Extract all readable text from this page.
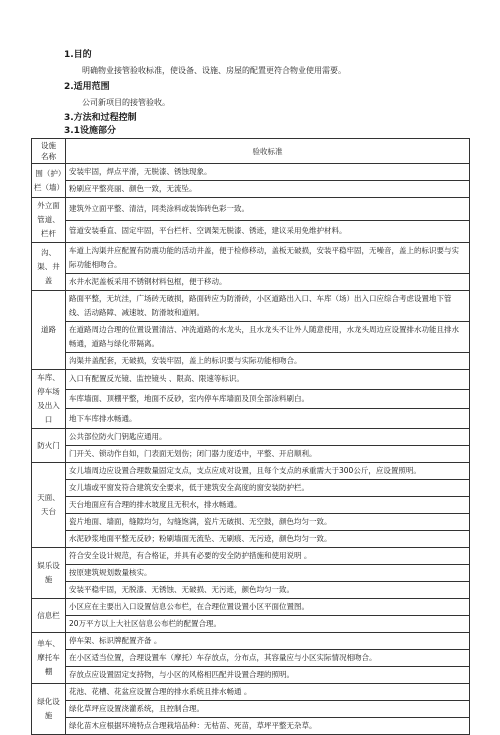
1.目的
明确物业接管验收标准，使设备、设施、房屋的配置更符合物业使用需要。
2.适用范围
公司新项目的接管验收。
3.方法和过程控制
3.1设施部分
设施
名称	验收标准
围（护）栏（墙）	安装牢固，焊点平滑，无脱漆、锈蚀现象。
	粉刷应平整亮丽、颜色一致，无流坠。
外立面管道、栏杆	建筑外立面平整、清洁，同类涂料或装饰砖色彩一致。
	管道安装垂直、固定牢固，平台栏杆、空调架无脱漆、锈迹，建议采用免维护材料。
沟、渠、井盖	车道上沟渠井应配置有防震功能的活动井盖，便于检修移动，盖板无破损，安装平稳牢固，无噪音，盖上的标识要与实际功能相吻合。
	水井水泥盖板采用不锈钢材料包框，便于移动。
道路	路面平整，无坑洼，广场砖无破损，路面砖应为防滑砖，小区道路出入口、车库（场）出入口应综合考虑设置地下管线、活动路障、减速坡、防滑坡和道闸。
	在道路周边合理的位置设置清洁、冲洗道路的水龙头，且水龙头不让外人随意使用，水龙头周边应设置排水功能且排水畅通，道路与绿化带隔离。
	沟渠井盖配套，无破损，安装牢固，盖上的标识要与实际功能相吻合。
车库、停车场及出入口	入口有配置反光镜、监控镜头 、限高、限速等标识。
	车库墙面、顶棚平整，地面不反砂，室内停车库墙面及顶全部涂料刷白。
	地下车库排水畅通。
防火门	公共部位防火门钥匙应通用。
	门开关、锁动作自如，门表面无划伤；闭门器力度适中，平整、开启顺利。
天面、天台	女儿墙周边应设置合理数量固定支点，支点应成对设置，且每个支点的承重需大于300公斤，应设置照明。
	女儿墙或平窗发符合建筑安全要求，低于建筑安全高度的窗安装防护栏。
	天台地面应有合理的排水坡度且无积水，排水畅通。
	瓷片地面、墙面，缝隙均匀，勾缝饱满，瓷片无破损、无空鼓，颜色均匀一致。
	水泥砂浆地面平整无反砂；粉刷墙面无流坠、无刷痕、无污迹，颜色均匀一致。
娱乐设施	符合安全设计规范，有合格证，并具有必要的安全防护措施和使用说明 。
	按原建筑规划数量核实。
	安装平稳牢固，无脱漆、无锈蚀、无破损、无污迹，颜色均匀一致。
信息栏	小区应在主要出入口设置信息公布栏，在合理位置设置小区平面位置图。
	20万平方以上大社区信息公布栏的配置合理。
单车、摩托车棚	停车架、标识牌配置齐备 。
	在小区适当位置，合理设置车（摩托）车存放点，分布点，其容量应与小区实际情况相吻合。
	存放点应设置固定支持物，与小区的风格相匹配并设置合理的照明。
绿化设施	花池、花槽、花盆应设置合理的排水系统且排水畅通 。
	绿化草坪应设置浇灌系统，且控制合理。
	绿化苗木应根据环境特点合理栽培品种：无枯苗、死苗，草坪平整无杂草。
